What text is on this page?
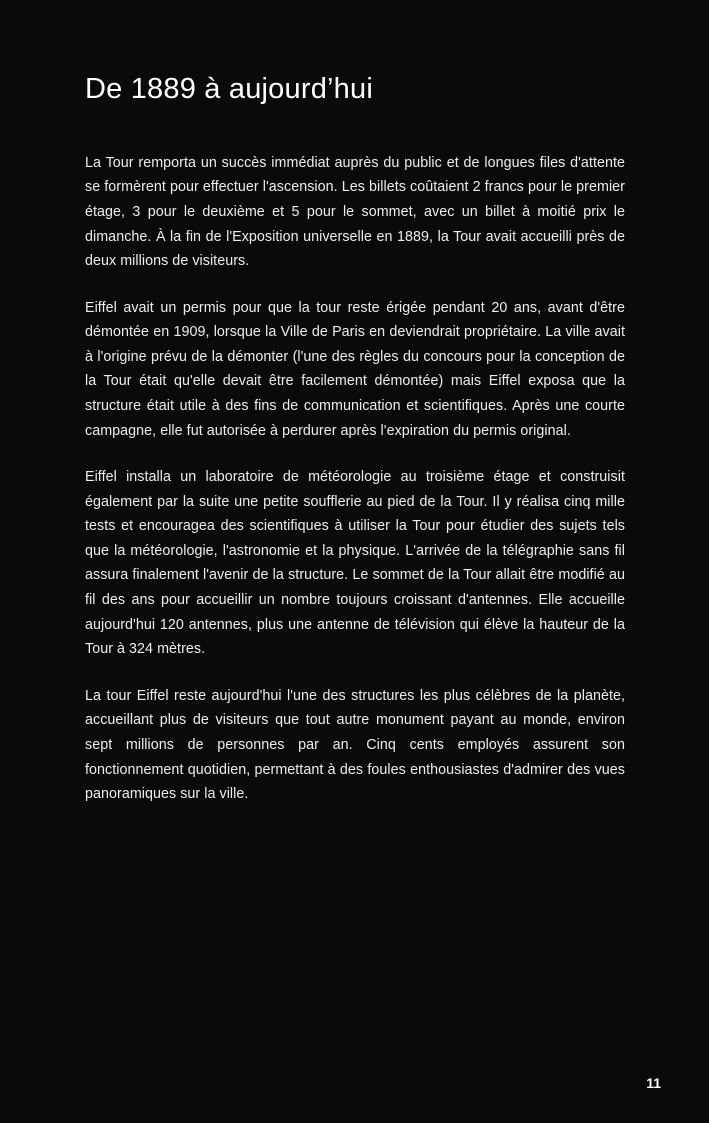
De 1889 à aujourd’hui

La Tour remporta un succès immédiat auprès du public et de longues files d'attente se formèrent pour effectuer l'ascension. Les billets coûtaient 2 francs pour le premier étage, 3 pour le deuxième et 5 pour le sommet, avec un billet à moitié prix le dimanche. À la fin de l'Exposition universelle en 1889, la Tour avait accueilli près de deux millions de visiteurs.

Eiffel avait un permis pour que la tour reste érigée pendant 20 ans, avant d'être démontée en 1909, lorsque la Ville de Paris en deviendrait propriétaire. La ville avait à l'origine prévu de la démonter (l'une des règles du concours pour la conception de la Tour était qu'elle devait être facilement démontée) mais Eiffel exposa que la structure était utile à des fins de communication et scientifiques. Après une courte campagne, elle fut autorisée à perdurer après l'expiration du permis original.

Eiffel installa un laboratoire de météorologie au troisième étage et construisit également par la suite une petite soufflerie au pied de la Tour. Il y réalisa cinq mille tests et encouragea des scientifiques à utiliser la Tour pour étudier des sujets tels que la météorologie, l'astronomie et la physique. L'arrivée de la télégraphie sans fil assura finalement l'avenir de la structure. Le sommet de la Tour allait être modifié au fil des ans pour accueillir un nombre toujours croissant d'antennes. Elle accueille aujourd'hui 120 antennes, plus une antenne de télévision qui élève la hauteur de la Tour à 324 mètres.

La tour Eiffel reste aujourd'hui l'une des structures les plus célèbres de la planète, accueillant plus de visiteurs que tout autre monument payant au monde, environ sept millions de personnes par an. Cinq cents employés assurent son fonctionnement quotidien, permettant à des foules enthousiastes d'admirer des vues panoramiques sur la ville.

11
